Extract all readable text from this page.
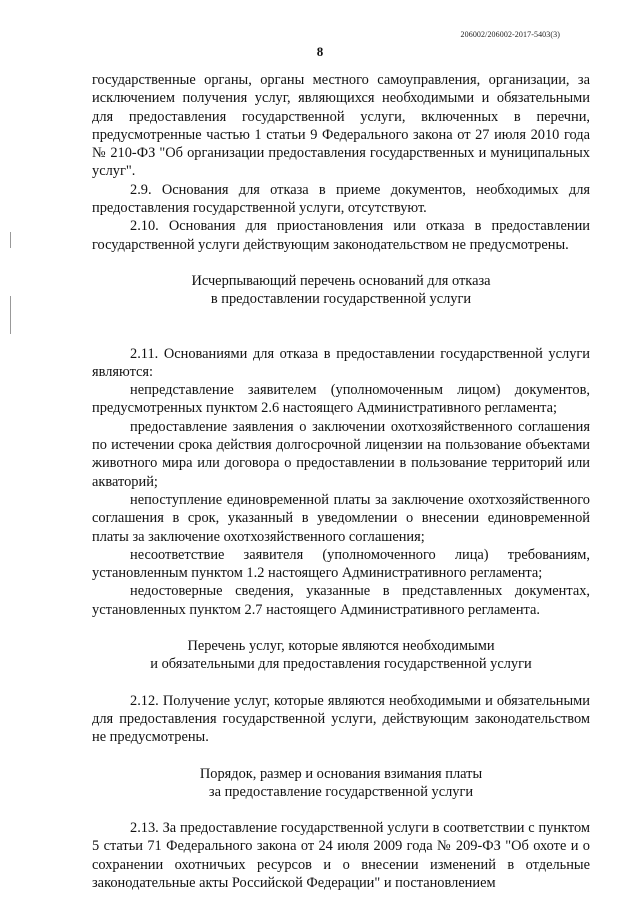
206002/206002-2017-5403(3)
8

государственные органы, органы местного самоуправления, организации, за исключением получения услуг, являющихся необходимыми и обязательными для предоставления государственной услуги, включенных в перечни, предусмотренные частью 1 статьи 9 Федерального закона от 27 июля 2010 года № 210-ФЗ "Об организации предоставления государственных и муниципальных услуг".

2.9. Основания для отказа в приеме документов, необходимых для предоставления государственной услуги, отсутствуют.

2.10. Основания для приостановления или отказа в предоставлении государственной услуги действующим законодательством не предусмотрены.

Исчерпывающий перечень оснований для отказа
в предоставлении государственной услуги

2.11. Основаниями для отказа в предоставлении государственной услуги являются:

непредставление заявителем (уполномоченным лицом) документов, предусмотренных пунктом 2.6 настоящего Административного регламента;

предоставление заявления о заключении охотхозяйственного соглашения по истечении срока действия долгосрочной лицензии на пользование объектами животного мира или договора о предоставлении в пользование территорий или акваторий;

непоступление единовременной платы за заключение охотхозяйственного соглашения в срок, указанный в уведомлении о внесении единовременной платы за заключение охотхозяйственного соглашения;

несоответствие заявителя (уполномоченного лица) требованиям, установленным пунктом 1.2 настоящего Административного регламента;

недостоверные сведения, указанные в представленных документах, установленных пунктом 2.7 настоящего Административного регламента.

Перечень услуг, которые являются необходимыми
и обязательными для предоставления государственной услуги

2.12. Получение услуг, которые являются необходимыми и обязательными для предоставления государственной услуги, действующим законодательством не предусмотрены.

Порядок, размер и основания взимания платы
за предоставление государственной услуги

2.13. За предоставление государственной услуги в соответствии с пунктом 5 статьи 71 Федерального закона от 24 июля 2009 года № 209-ФЗ "Об охоте и о сохранении охотничьих ресурсов и о внесении изменений в отдельные законодательные акты Российской Федерации" и постановлением
